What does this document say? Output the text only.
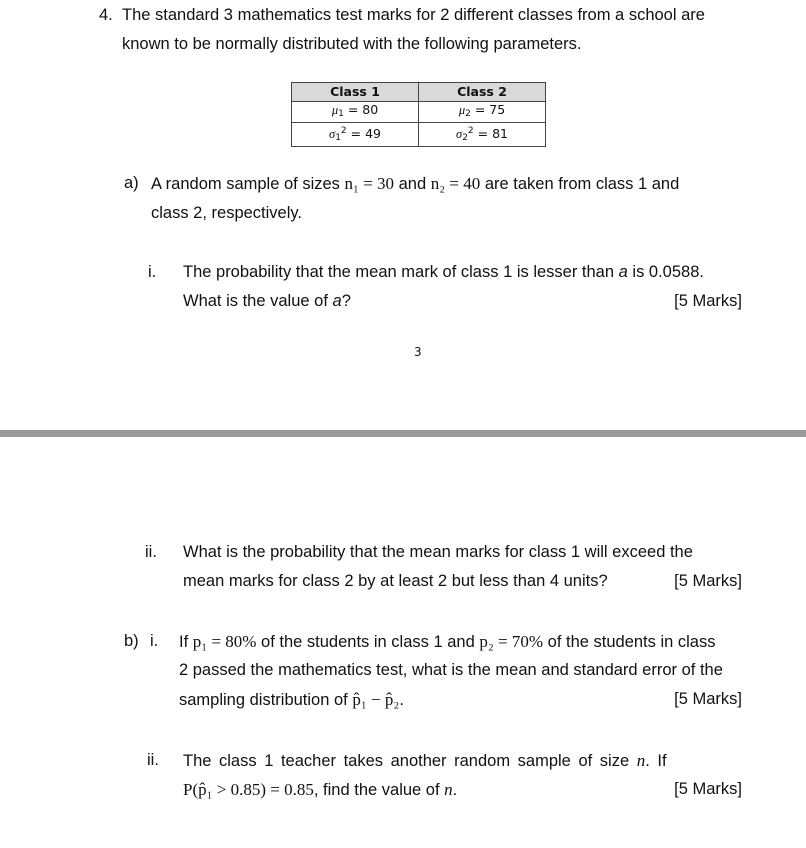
4. The standard 3 mathematics test marks for 2 different classes from a school are
known to be normally distributed with the following parameters.
Class 1	Class 2
$\mu_1 = 80$	$\mu_2 = 75$
$\sigma_1^2 = 49$	$\sigma_2^2 = 81$
a) A random sample of sizes n₁ = 30 and n₂ = 40 are taken from class 1 and
class 2, respectively.
i. The probability that the mean mark of class 1 is lesser than a is 0.0588.
What is the value of a?	[5 Marks]
3
ii. What is the probability that the mean marks for class 1 will exceed the
mean marks for class 2 by at least 2 but less than 4 units?	[5 Marks]
b) i. If p₁ = 80% of the students in class 1 and p₂ = 70% of the students in class
2 passed the mathematics test, what is the mean and standard error of the
sampling distribution of p̂₁ − p̂₂.	[5 Marks]
ii. The class 1 teacher takes another random sample of size n. If
P(p̂₁ > 0.85) = 0.85, find the value of n.	[5 Marks]
